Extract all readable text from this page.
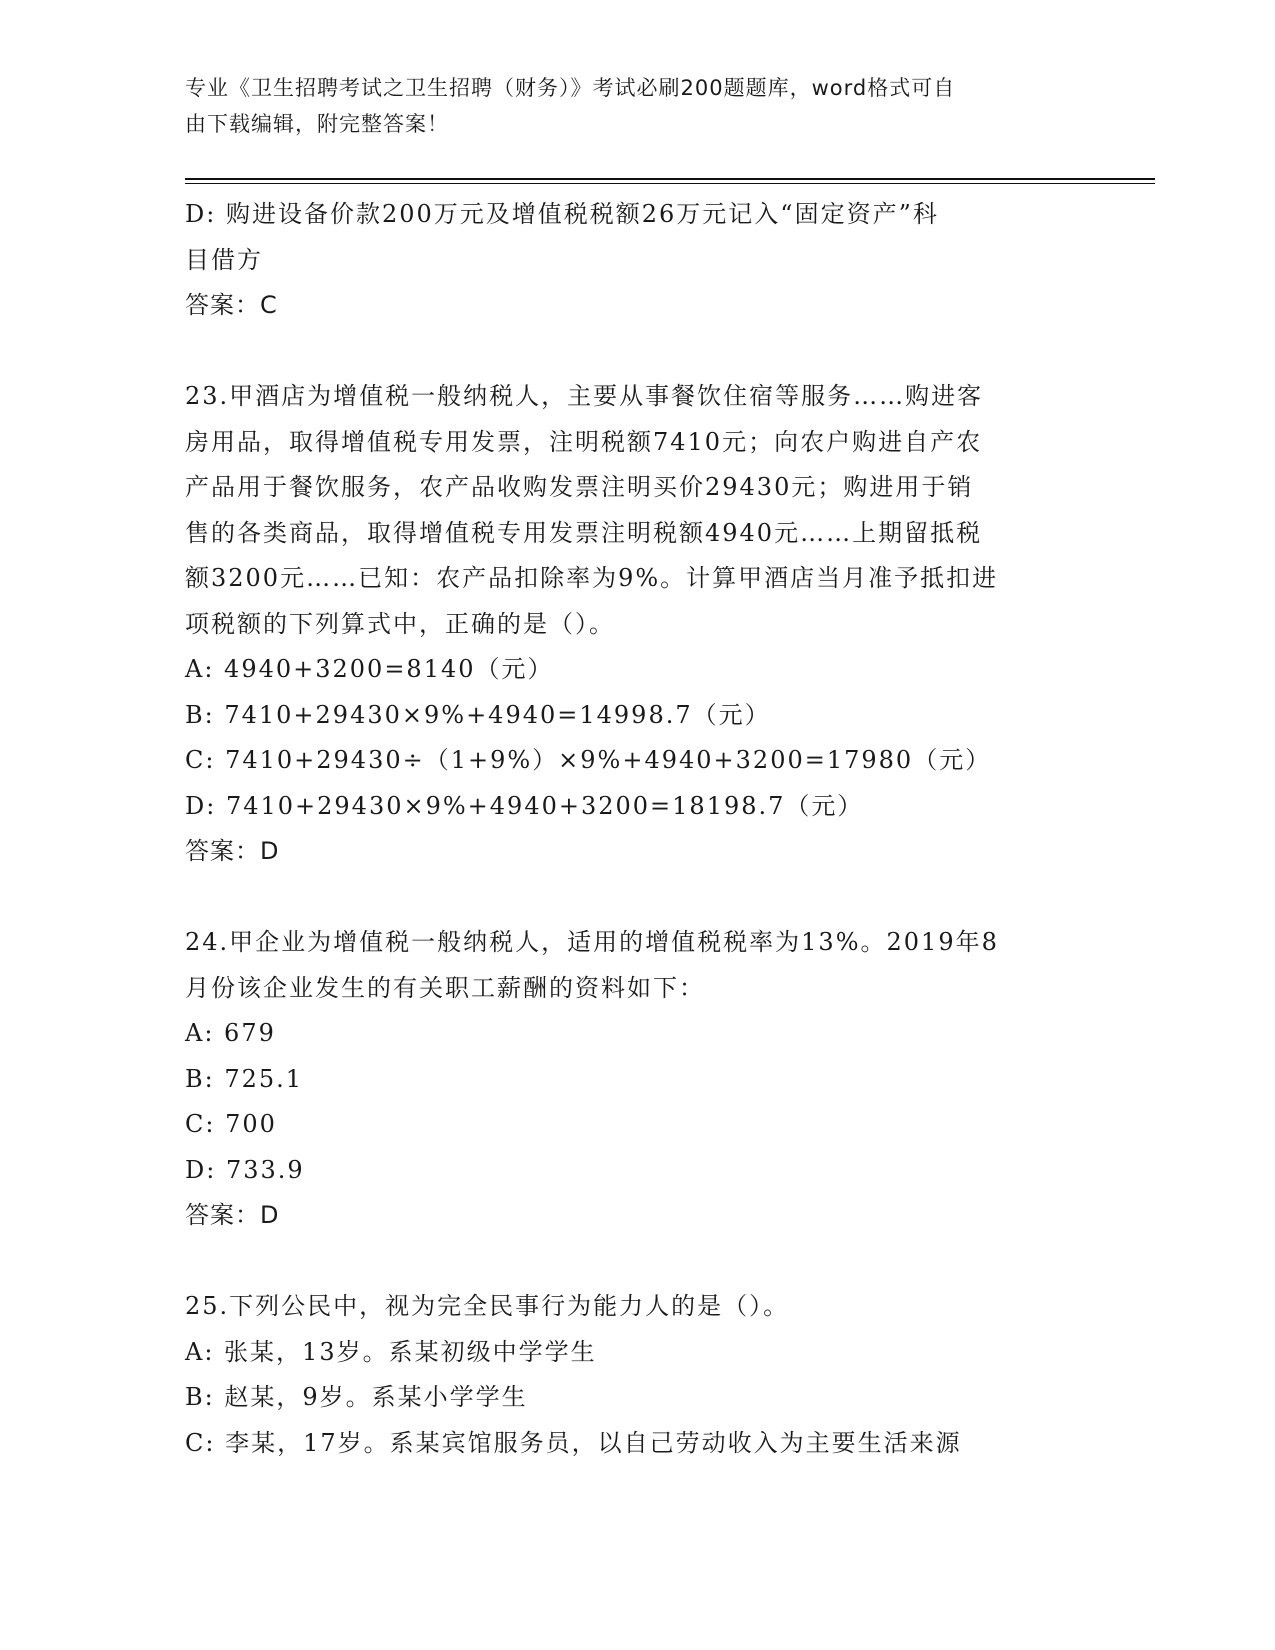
专业《卫生招聘考试之卫生招聘（财务）》考试必刷200题题库，word格式可自
由下载编辑，附完整答案！
D: 购进设备价款200万元及增值税税额26万元记入“固定资产”科
目借方
答案：C
23.甲酒店为增值税一般纳税人，主要从事餐饮住宿等服务……购进客
房用品，取得增值税专用发票，注明税额7410元；向农户购进自产农
产品用于餐饮服务，农产品收购发票注明买价29430元；购进用于销
售的各类商品，取得增值税专用发票注明税额4940元……上期留抵税
额3200元……已知：农产品扣除率为9%。计算甲酒店当月准予抵扣进
项税额的下列算式中，正确的是（）。
A: 4940+3200=8140（元）
B: 7410+29430×9%+4940=14998.7（元）
C: 7410+29430÷（1+9%）×9%+4940+3200=17980（元）
D: 7410+29430×9%+4940+3200=18198.7（元）
答案：D
24.甲企业为增值税一般纳税人，适用的增值税税率为13%。2019年8
月份该企业发生的有关职工薪酬的资料如下：
A: 679
B: 725.1
C: 700
D: 733.9
答案：D
25.下列公民中，视为完全民事行为能力人的是（）。
A: 张某，13岁。系某初级中学学生
B: 赵某，9岁。系某小学学生
C: 李某，17岁。系某宾馆服务员，以自己劳动收入为主要生活来源
